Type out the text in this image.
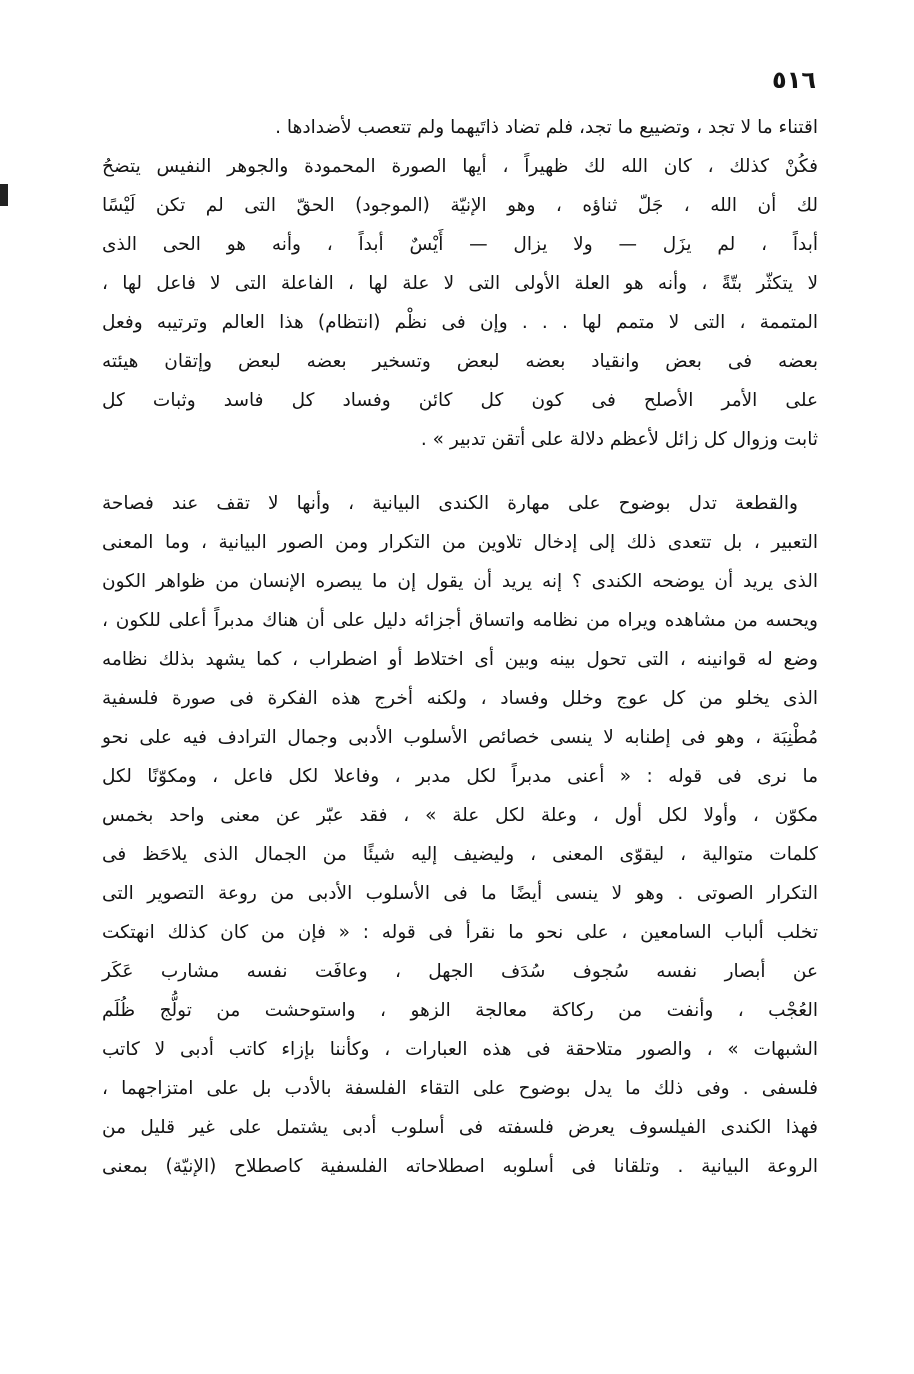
٥١٦
اقتناء ما لا تجد ، وتضييع ما تجد، فلم تضاد ذاتَيهما ولم تتعصب لأضدادها .
فكُنْ كذلك ، كان الله لك ظهيراً ، أيها الصورة المحمودة والجوهر النفيس يتضحُ
لك أن الله ، جَلّ ثناؤه ، وهو الإنيّة (الموجود) الحقّ التى لم تكن لَيْسًا
أبداً ، لم يزَل — ولا يزال — أَيْسٌ أبداً ، وأنه هو الحى الذى
لا يتكثّر بتّةً ، وأنه هو العلة الأولى التى لا علة لها ، الفاعلة التى لا فاعل لها ،
المتممة ، التى لا متمم لها . . . وإن فى نظْم (انتظام) هذا العالم وترتيبه وفعل
بعضه فى بعض وانقياد بعضه لبعض وتسخير بعضه لبعض وإتقان هيئته
على الأمر الأصلح فى كون كل كائن وفساد كل فاسد وثبات كل
ثابت وزوال كل زائل لأعظم دلالة على أتقن تدبير » .
والقطعة تدل بوضوح على مهارة الكندى البيانية ، وأنها لا تقف عند فصاحة
التعبير ، بل تتعدى ذلك إلى إدخال تلاوين من التكرار ومن الصور البيانية ، وما المعنى
الذى يريد أن يوضحه الكندى ؟ إنه يريد أن يقول إن ما يبصره الإنسان من ظواهر الكون
ويحسه من مشاهده ويراه من نظامه واتساق أجزائه دليل على أن هناك مدبراً أعلى للكون ،
وضع له قوانينه ، التى تحول بينه وبين أى اختلاط أو اضطراب ، كما يشهد بذلك نظامه
الذى يخلو من كل عوج وخلل وفساد ، ولكنه أخرج هذه الفكرة فى صورة فلسفية
مُطْنِبَة ، وهو فى إطنابه لا ينسى خصائص الأسلوب الأدبى وجمال الترادف فيه على نحو
ما نرى فى قوله : « أعنى مدبراً لكل مدبر ، وفاعلا لكل فاعل ، ومكوّنًا لكل
مكوّن ، وأولا لكل أول ، وعلة لكل علة » ، فقد عبّر عن معنى واحد بخمس
كلمات متوالية ، ليقوّى المعنى ، وليضيف إليه شيئًا من الجمال الذى يلاحَظ فى
التكرار الصوتى . وهو لا ينسى أيضًا ما فى الأسلوب الأدبى من روعة التصوير التى
تخلب ألباب السامعين ، على نحو ما نقرأ فى قوله : « فإن من كان كذلك انهتكت
عن أبصار نفسه سُجوف سُدَف الجهل ، وعافَت نفسه مشارب عَكَر
العُجْب ، وأنفت من ركاكة معالجة الزهو ، واستوحشت من تولُّج ظُلَم
الشبهات » ، والصور متلاحقة فى هذه العبارات ، وكأننا بإزاء كاتب أدبى لا كاتب
فلسفى . وفى ذلك ما يدل بوضوح على التقاء الفلسفة بالأدب بل على امتزاجهما ،
فهذا الكندى الفيلسوف يعرض فلسفته فى أسلوب أدبى يشتمل على غير قليل من
الروعة البيانية . وتلقانا فى أسلوبه اصطلاحاته الفلسفية كاصطلاح (الإنيّة) بمعنى
